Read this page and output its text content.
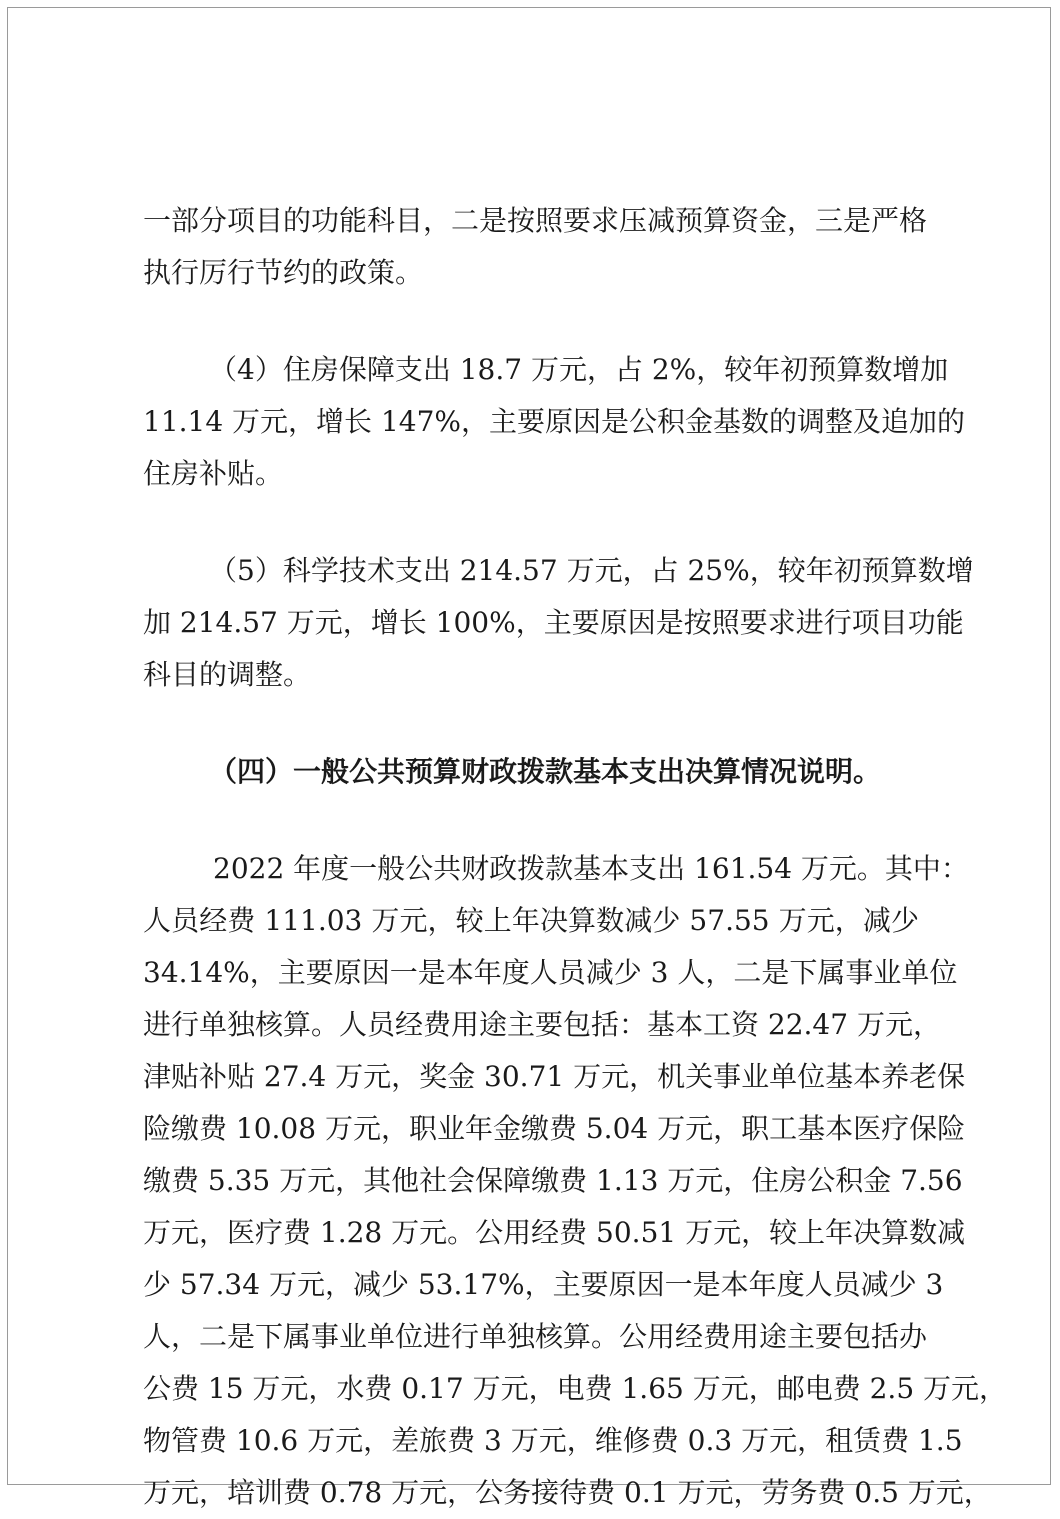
一部分项目的功能科目，二是按照要求压减预算资金，三是严格
执行厉行节约的政策。
（4）住房保障支出 18.7 万元，占 2%，较年初预算数增加
11.14 万元，增长 147%，主要原因是公积金基数的调整及追加的
住房补贴。
（5）科学技术支出 214.57 万元，占 25%，较年初预算数增
加 214.57 万元，增长 100%，主要原因是按照要求进行项目功能
科目的调整。
（四）一般公共预算财政拨款基本支出决算情况说明。
2022 年度一般公共财政拨款基本支出 161.54 万元。其中：
人员经费 111.03 万元，较上年决算数减少 57.55 万元，减少
34.14%，主要原因一是本年度人员减少 3 人，二是下属事业单位
进行单独核算。人员经费用途主要包括：基本工资 22.47 万元，
津贴补贴 27.4 万元，奖金 30.71 万元，机关事业单位基本养老保
险缴费 10.08 万元，职业年金缴费 5.04 万元，职工基本医疗保险
缴费 5.35 万元，其他社会保障缴费 1.13 万元，住房公积金 7.56
万元，医疗费 1.28 万元。公用经费 50.51 万元，较上年决算数减
少 57.34 万元，减少 53.17%，主要原因一是本年度人员减少 3
人，二是下属事业单位进行单独核算。公用经费用途主要包括办
公费 15 万元，水费 0.17 万元，电费 1.65 万元，邮电费 2.5 万元，
物管费 10.6 万元，差旅费 3 万元，维修费 0.3 万元，租赁费 1.5
万元，培训费 0.78 万元，公务接待费 0.1 万元，劳务费 0.5 万元，
